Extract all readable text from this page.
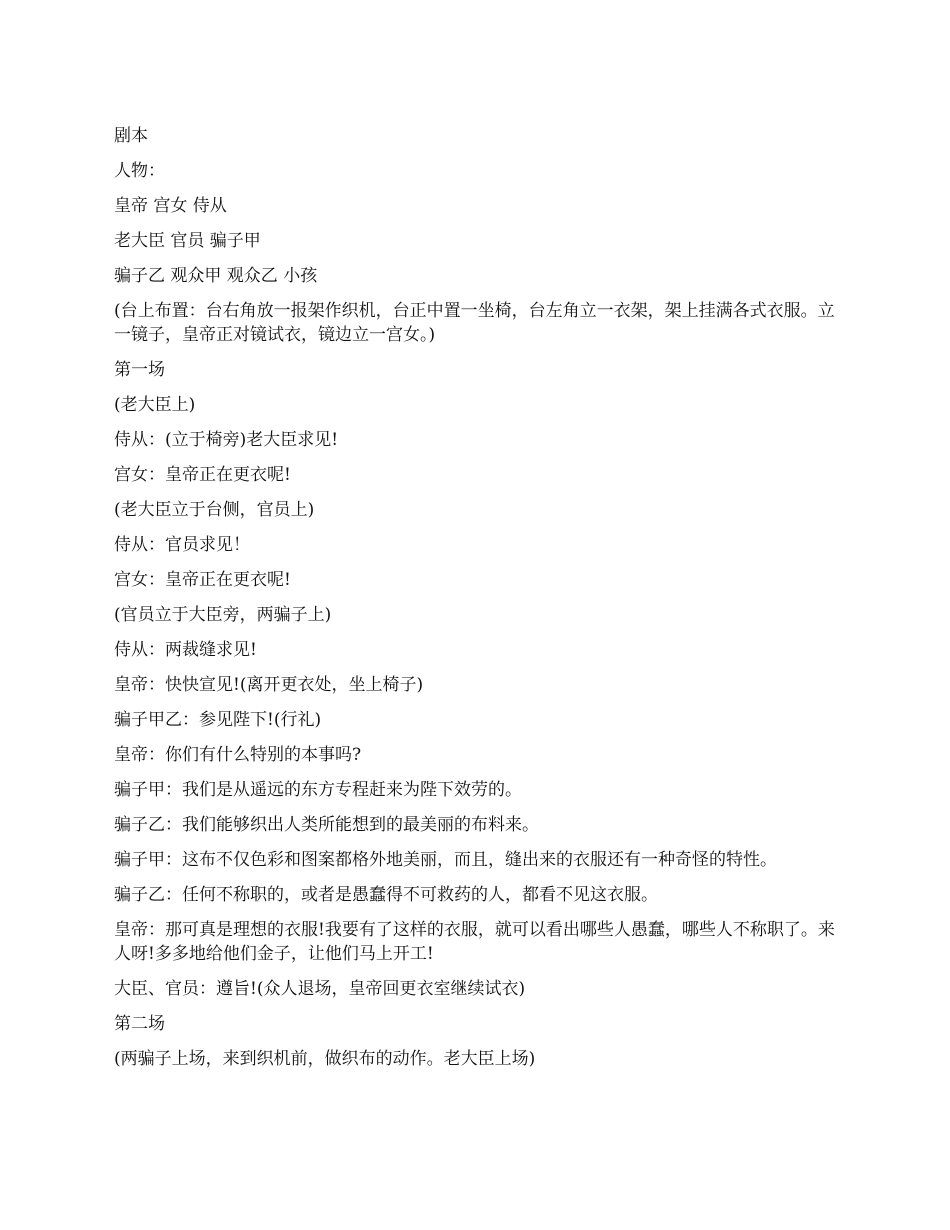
剧本

人物：

皇帝 宫女 侍从

老大臣 官员 骗子甲

骗子乙 观众甲 观众乙 小孩

(台上布置：台右角放一报架作织机，台正中置一坐椅，台左角立一衣架，架上挂满各式衣服。立一镜子，皇帝正对镜试衣，镜边立一宫女。)

第一场

(老大臣上)

侍从：(立于椅旁)老大臣求见!

宫女：皇帝正在更衣呢!

(老大臣立于台侧，官员上)

侍从：官员求见！

宫女：皇帝正在更衣呢!

(官员立于大臣旁，两骗子上)

侍从：两裁缝求见!

皇帝：快快宣见!(离开更衣处，坐上椅子)

骗子甲乙：参见陛下!(行礼)

皇帝：你们有什么特别的本事吗?

骗子甲：我们是从遥远的东方专程赶来为陛下效劳的。

骗子乙：我们能够织出人类所能想到的最美丽的布料来。

骗子甲：这布不仅色彩和图案都格外地美丽，而且，缝出来的衣服还有一种奇怪的特性。

骗子乙：任何不称职的，或者是愚蠢得不可救药的人，都看不见这衣服。

皇帝：那可真是理想的衣服!我要有了这样的衣服，就可以看出哪些人愚蠢，哪些人不称职了。来人呀!多多地给他们金子，让他们马上开工!

大臣、官员：遵旨!(众人退场，皇帝回更衣室继续试衣)

第二场

(两骗子上场，来到织机前，做织布的动作。老大臣上场)
